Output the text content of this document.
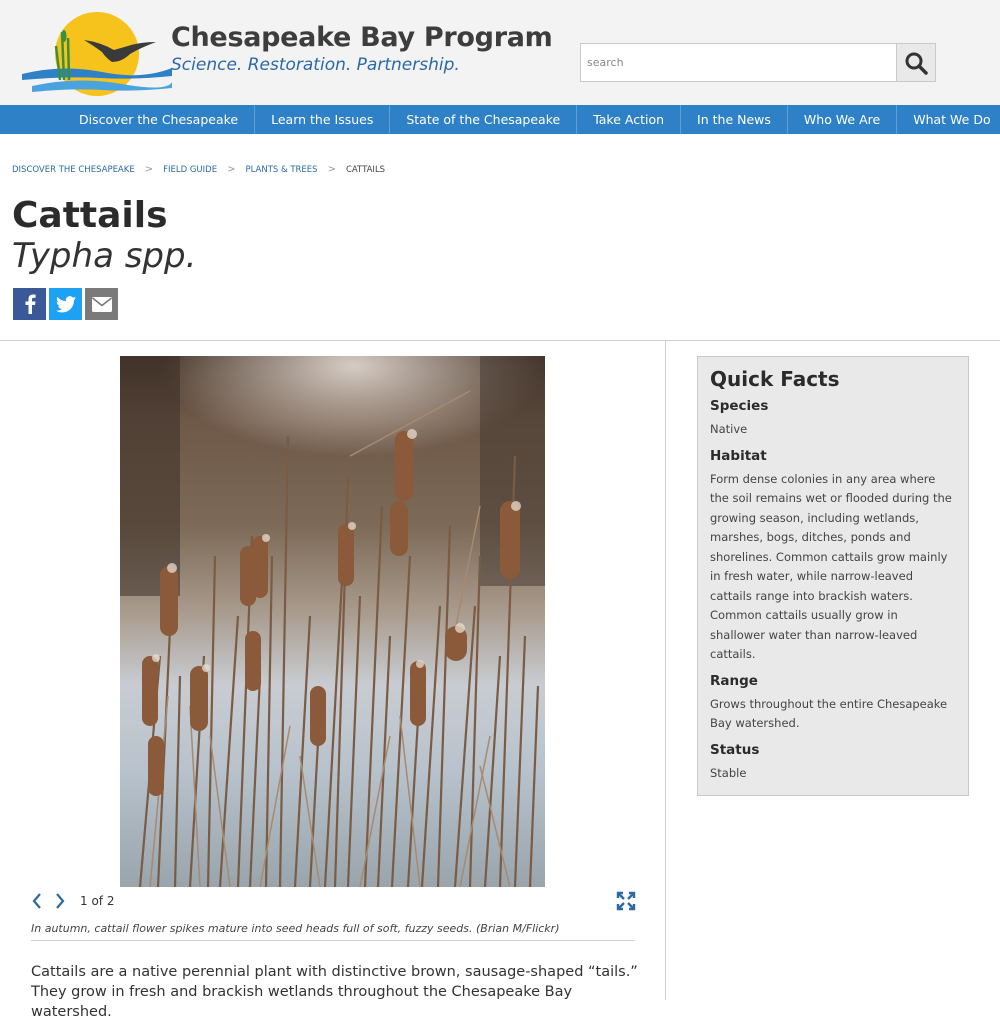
Chesapeake Bay Program
Science. Restoration. Partnership.
search
Discover the Chesapeake	Learn the Issues	State of the Chesapeake	Take Action	In the News	Who We Are	What We Do
DISCOVER THE CHESAPEAKE > FIELD GUIDE > PLANTS & TREES > CATTAILS
Cattails
Typha spp.
1 of 2
In autumn, cattail flower spikes mature into seed heads full of soft, fuzzy seeds. (Brian M/Flickr)
Cattails are a native perennial plant with distinctive brown, sausage-shaped “tails.” They grow in fresh and brackish wetlands throughout the Chesapeake Bay watershed.
Quick Facts
Species
Native
Habitat
Form dense colonies in any area where the soil remains wet or flooded during the growing season, including wetlands, marshes, bogs, ditches, ponds and shorelines. Common cattails grow mainly in fresh water, while narrow-leaved cattails range into brackish waters. Common cattails usually grow in shallower water than narrow-leaved cattails.
Range
Grows throughout the entire Chesapeake Bay watershed.
Status
Stable
